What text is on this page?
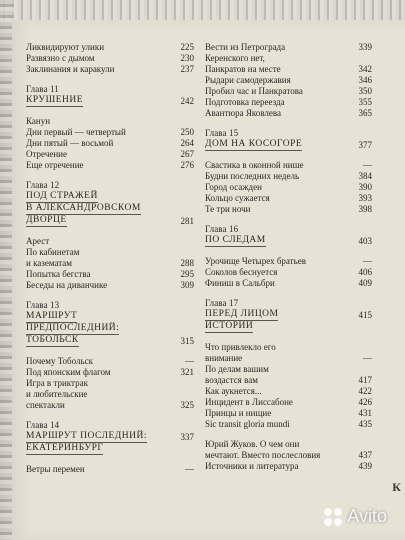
Ликвидируют улики	225
Развязно с дымом	230
Заклинания и каракули	237
Глава 11
КРУШЕНИЕ	242
Канун
Дни первый — четвертый	250
Дни пятый — восьмой	264
Отречение	267
Еще отречение	276
Глава 12
ПОД СТРАЖЕЙ
В АЛЕКСАНДРОВСКОМ
ДВОРЦЕ	281
Арест
По кабинетам
и казематам	288
Попытка бегства	295
Беседы на диванчике	309
Глава 13
МАРШРУТ
ПРЕДПОСЛЕДНИЙ:
ТОБОЛЬСК	315
Почему Тобольск	—
Под японским флагом	321
Игра в триктрак
и любительские
спектакли	325
Глава 14
МАРШРУТ ПОСЛЕДНИЙ:	337
ЕКАТЕРИНБУРГ
Ветры перемен	—
Вести из Петрограда	339
Керенского нет,
Панкратов на месте	342
Рыдари самодержавия	346
Пробил час и Панкратова	350
Подготовка переезда	355
Авантюра Яковлева	365
Глава 15
ДОМ НА КОСОГОРЕ	377
Свастика в оконной нише	—
Будни последних недель	384
Город осажден	390
Кольцо сужается	393
Те три ночи	398
Глава 16
ПО СЛЕДАМ	403
Урочище Четырех братьев	—
Соколов беснуется	406
Финиш в Сальбри	409
Глава 17
ПЕРЕД ЛИЦОМ	415
ИСТОРИИ
Что привлекло его
внимание	—
По делам вашим
воздастся вам	417
Как аукнется...	422
Инцидент в Лиссабоне	426
Принцы и нищие	431
Sic transit gloria mundi	435
Юрий Жуков. О чем они
мечтают. Вместо послесловия	437
Источники и литература	439
К
Avito
